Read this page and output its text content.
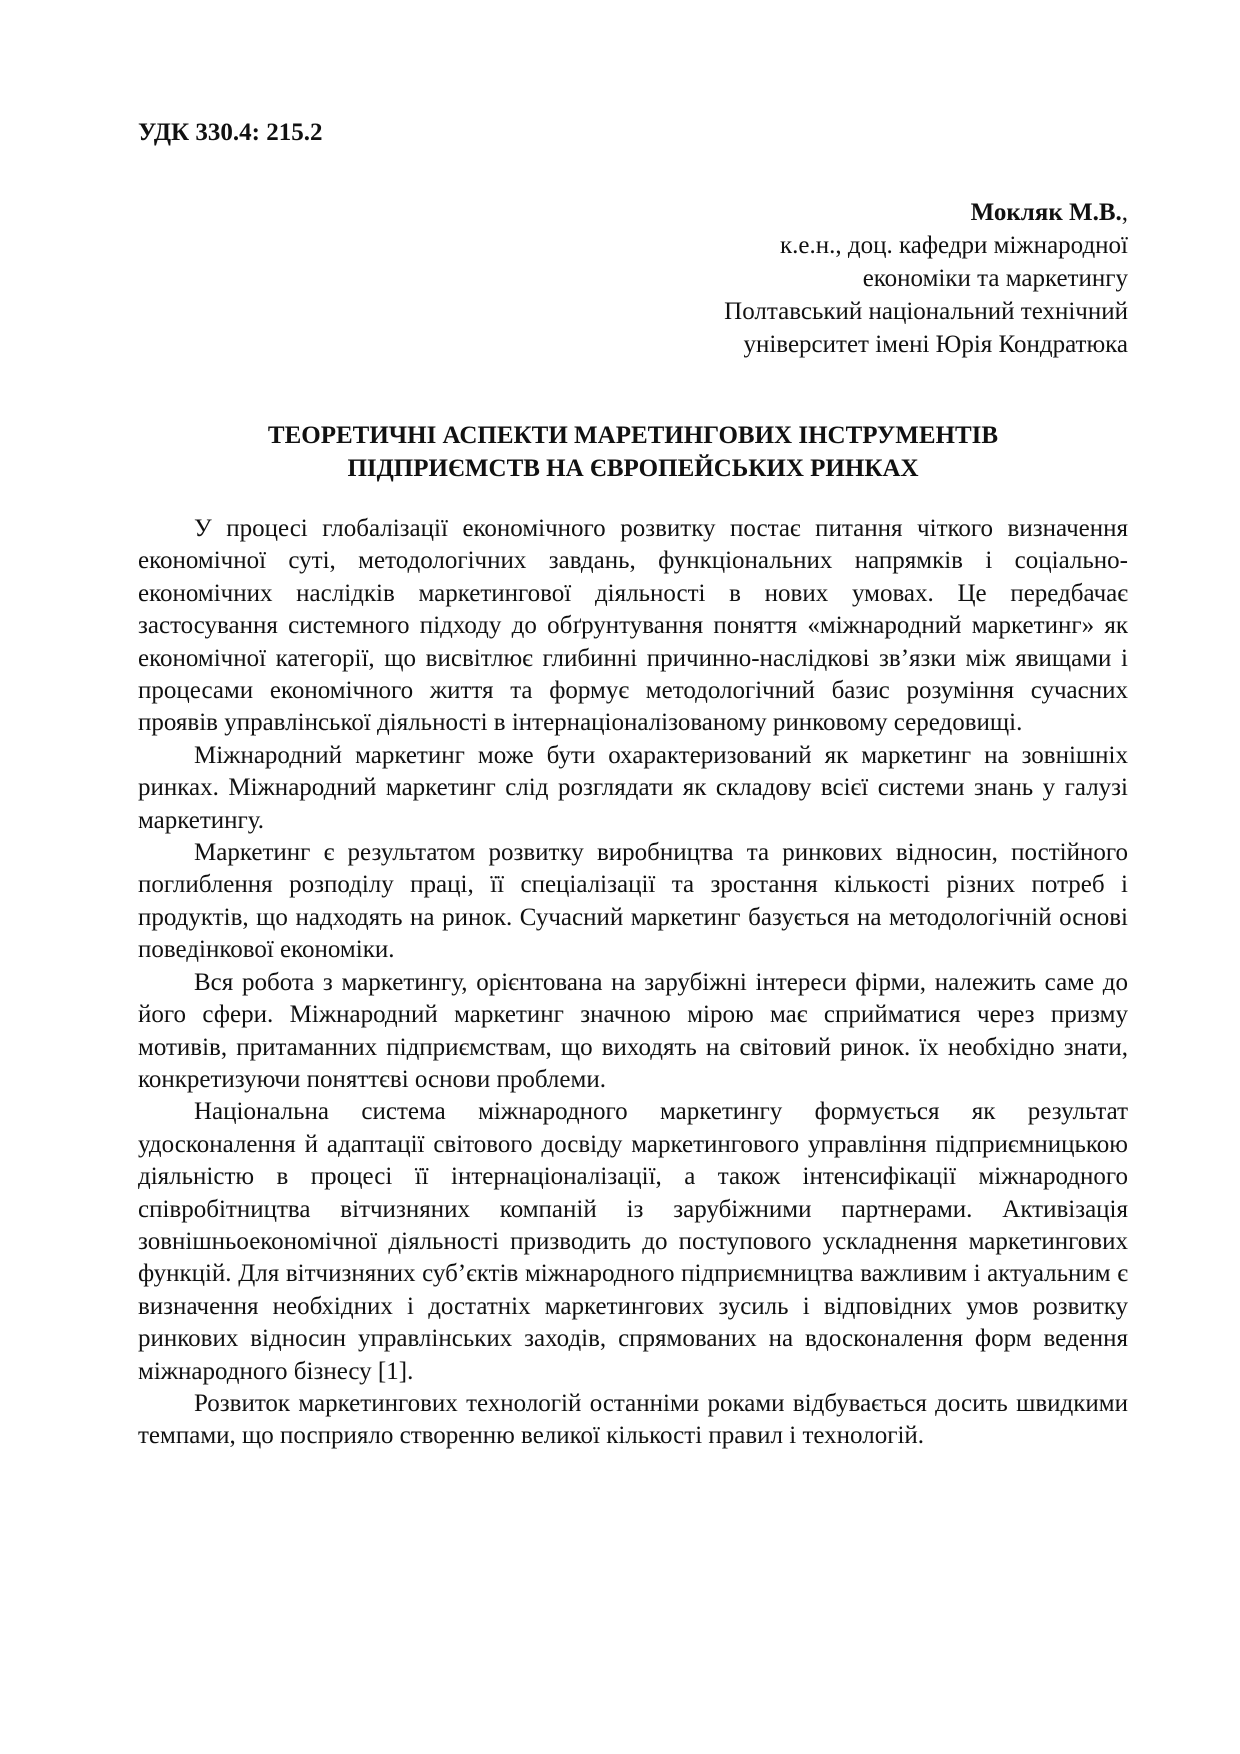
УДК 330.4: 215.2

Мокляк М.В.,
к.е.н., доц. кафедри міжнародної
економіки та маркетингу
Полтавський національний технічний
університет імені Юрія Кондратюка
ТЕОРЕТИЧНІ АСПЕКТИ МАРЕТИНГОВИХ ІНСТРУМЕНТІВ
ПІДПРИЄМСТВ НА ЄВРОПЕЙСЬКИХ РИНКАХ

У процесі глобалізації економічного розвитку постає питання чіткого визначення економічної суті, методологічних завдань, функціональних напрямків і соціально-економічних наслідків маркетингової діяльності в нових умовах. Це передбачає застосування системного підходу до обґрунтування поняття «міжнародний маркетинг» як економічної категорії, що висвітлює глибинні причинно-наслідкові зв’язки між явищами і процесами економічного життя та формує методологічний базис розуміння сучасних проявів управлінської діяльності в інтернаціоналізованому ринковому середовищі.

Міжнародний маркетинг може бути охарактеризований як маркетинг на зовнішніх ринках. Міжнародний маркетинг слід розглядати як складову всієї системи знань у галузі маркетингу.

Маркетинг є результатом розвитку виробництва та ринкових відносин, постійного поглиблення розподілу праці, її спеціалізації та зростання кількості різних потреб і продуктів, що надходять на ринок. Сучасний маркетинг базується на методологічній основі поведінкової економіки.

Вся робота з маркетингу, орієнтована на зарубіжні інтереси фірми, належить саме до його сфери. Міжнародний маркетинг значною мірою має сприйматися через призму мотивів, притаманних підприємствам, що виходять на світовий ринок. їх необхідно знати, конкретизуючи поняттєві основи проблеми.

Національна система міжнародного маркетингу формується як результат удосконалення й адаптації світового досвіду маркетингового управління підприємницькою діяльністю в процесі її інтернаціоналізації, а також інтенсифікації міжнародного співробітництва вітчизняних компаній із зарубіжними партнерами. Активізація зовнішньоекономічної діяльності призводить до поступового ускладнення маркетингових функцій. Для вітчизняних суб’єктів міжнародного підприємництва важливим і актуальним є визначення необхідних і достатніх маркетингових зусиль і відповідних умов розвитку ринкових відносин управлінських заходів, спрямованих на вдосконалення форм ведення міжнародного бізнесу [1].

Розвиток маркетингових технологій останніми роками відбувається досить швидкими темпами, що посприяло створенню великої кількості правил і технологій.
